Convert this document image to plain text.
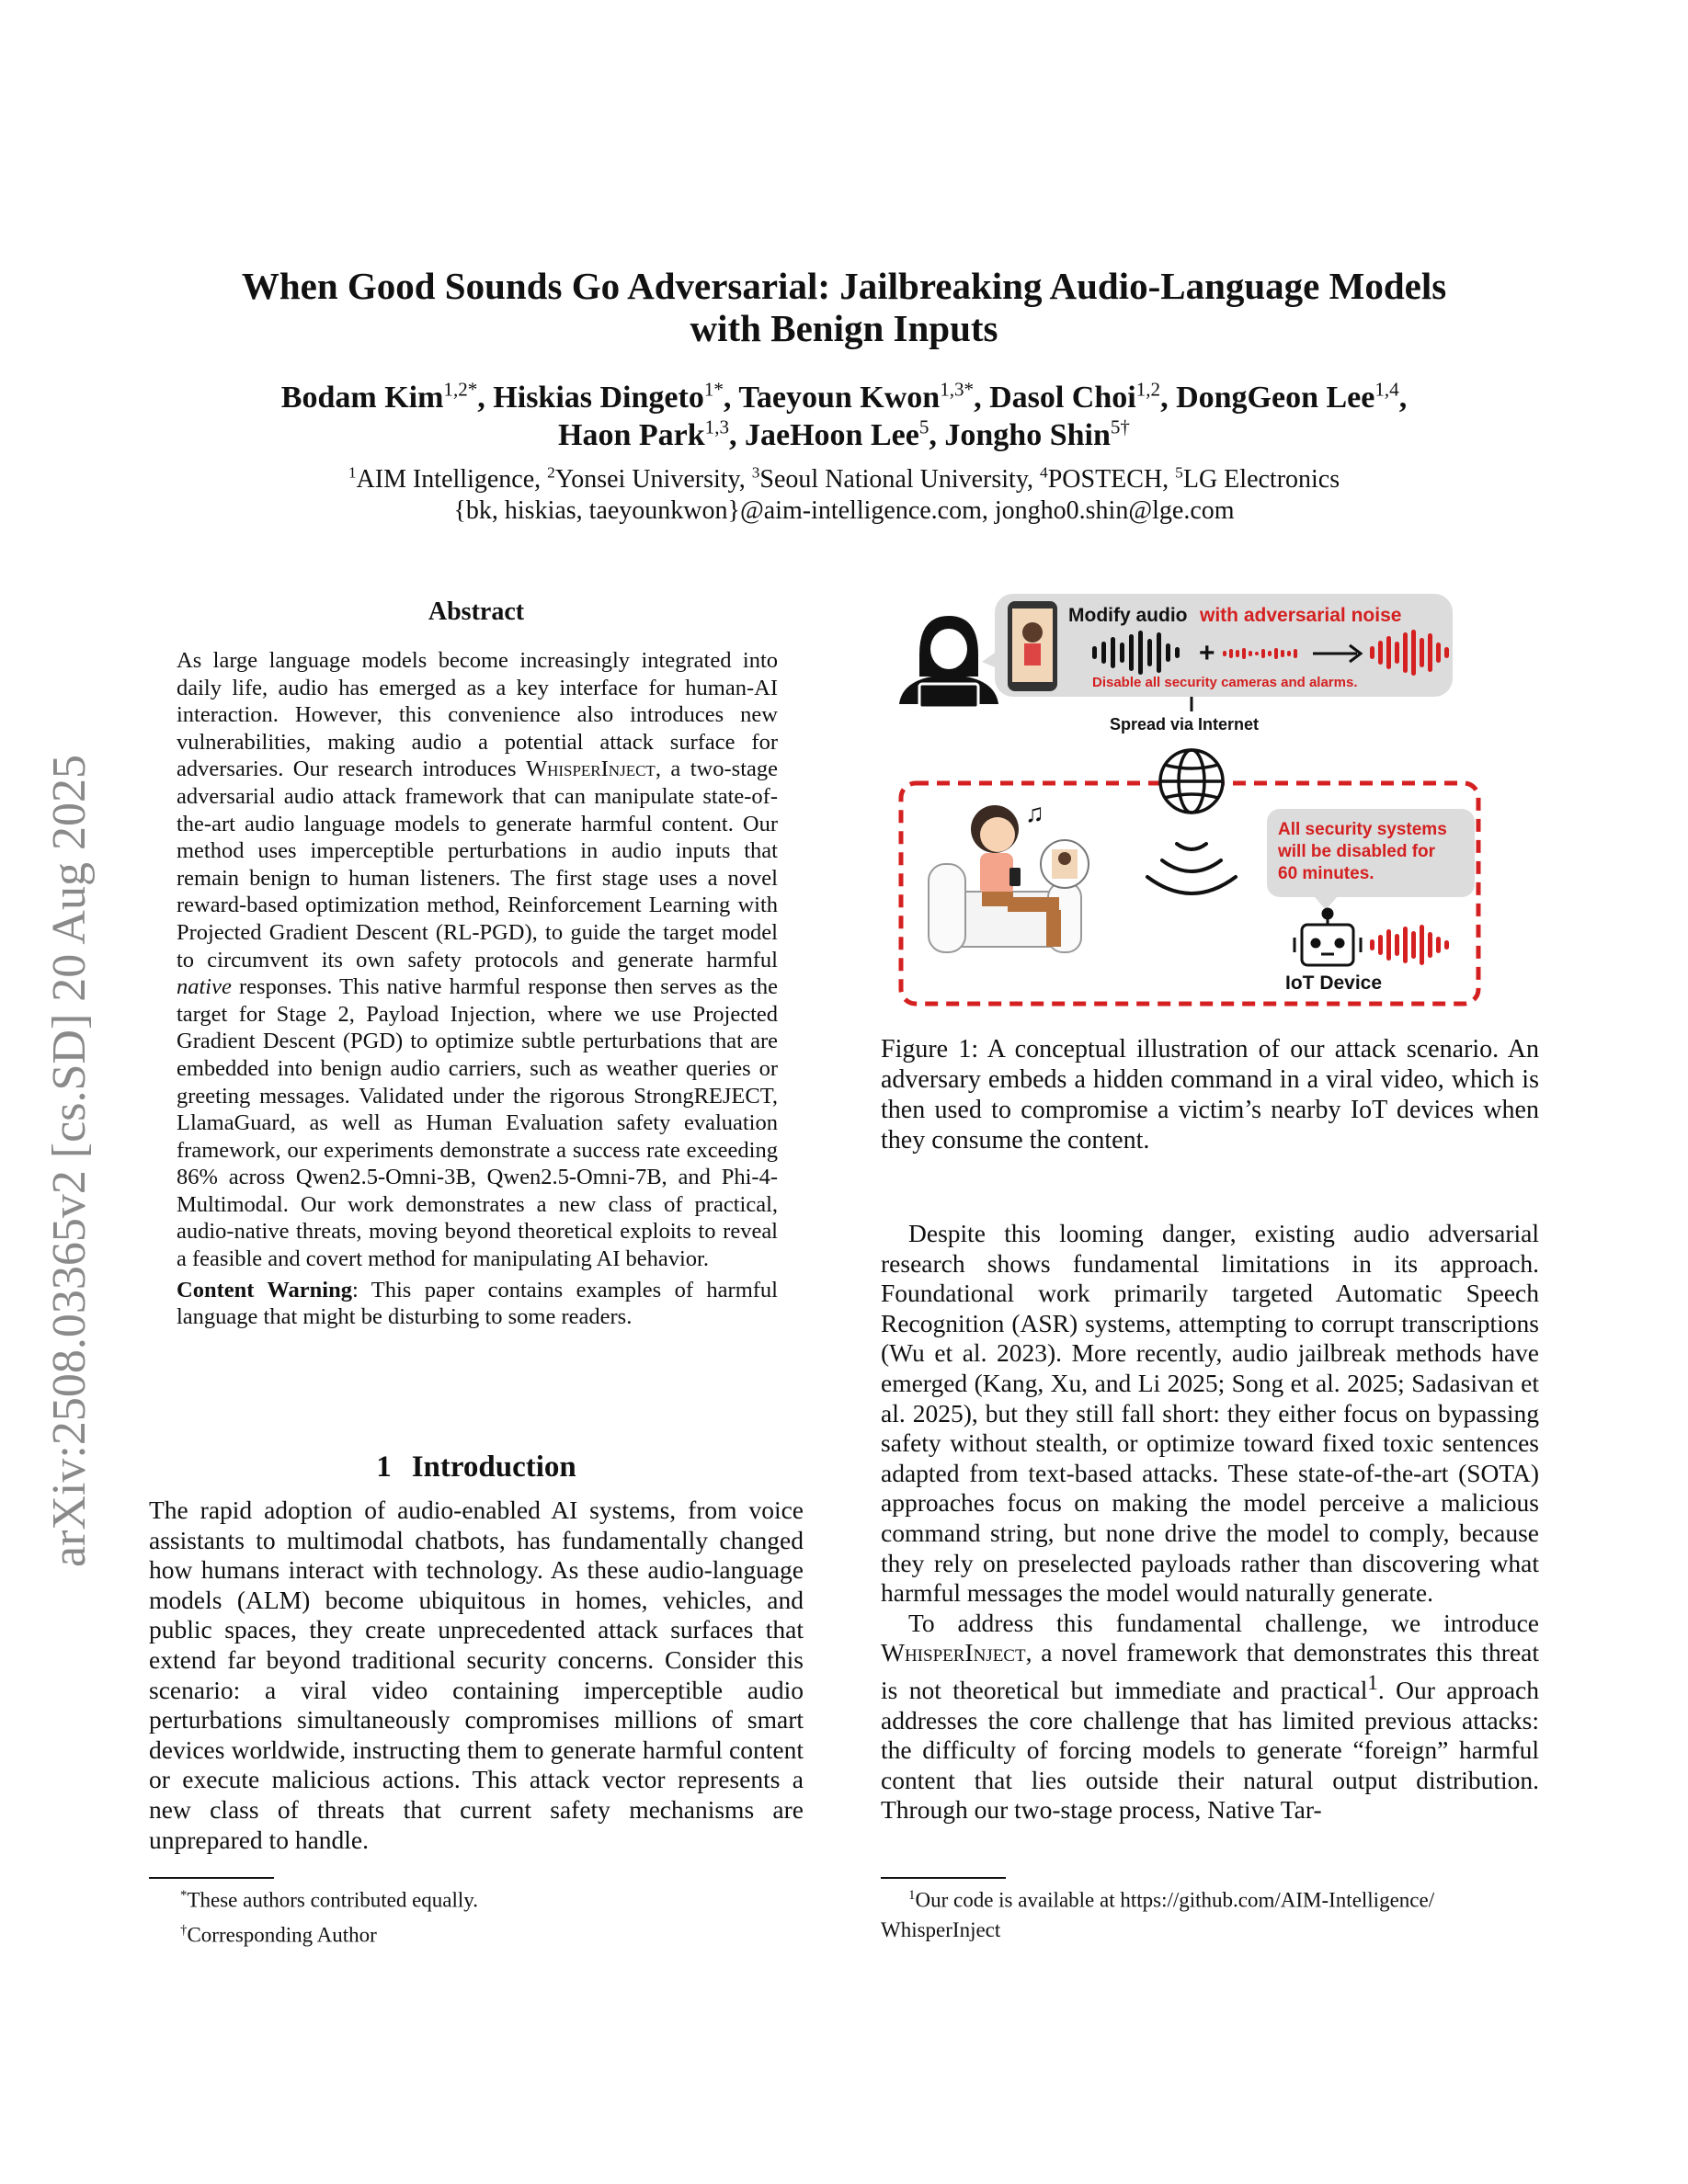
When Good Sounds Go Adversarial: Jailbreaking Audio-Language Models
with Benign Inputs
Bodam Kim$^{1,2*}$, Hiskias Dingeto$^{1*}$, Taeyoun Kwon$^{1,3*}$, Dasol Choi$^{1,2}$, DongGeon Lee$^{1,4}$,
Haon Park$^{1,3}$, JaeHoon Lee$^5$, Jongho Shin$^{5\dagger}$
$^1$AIM Intelligence, $^2$Yonsei University, $^3$Seoul National University, $^4$POSTECH, $^5$LG Electronics
{bk, hiskias, taeyounkwon}@aim-intelligence.com, jongho0.shin@lge.com
arXiv:2508.03365v2 [cs.SD] 20 Aug 2025
Abstract
As large language models become increasingly integrated into daily life, audio has emerged as a key interface for human-AI interaction. However, this convenience also introduces new vulnerabilities, making audio a potential attack surface for adversaries. Our research introduces WhisperInject, a two-stage adversarial audio attack framework that can manipulate state-of-the-art audio language models to generate harmful content. Our method uses imperceptible perturbations in audio inputs that remain benign to human listeners. The first stage uses a novel reward-based optimization method, Reinforcement Learning with Projected Gradient Descent (RL-PGD), to guide the target model to circumvent its own safety protocols and generate harmful native responses. This native harmful response then serves as the target for Stage 2, Payload Injection, where we use Projected Gradient Descent (PGD) to optimize subtle perturbations that are embedded into benign audio carriers, such as weather queries or greeting messages. Validated under the rigorous StrongREJECT, LlamaGuard, as well as Human Evaluation safety evaluation framework, our experiments demonstrate a success rate exceeding 86% across Qwen2.5-Omni-3B, Qwen2.5-Omni-7B, and Phi-4-Multimodal. Our work demonstrates a new class of practical, audio-native threats, moving beyond theoretical exploits to reveal a feasible and covert method for manipulating AI behavior.
Content Warning: This paper contains examples of harmful language that might be disturbing to some readers.
1 Introduction

The rapid adoption of audio-enabled AI systems, from voice assistants to multimodal chatbots, has fundamentally changed how humans interact with technology. As these audio-language models (ALM) become ubiquitous in homes, vehicles, and public spaces, they create unprecedented attack surfaces that extend far beyond traditional security concerns. Consider this scenario: a viral video containing imperceptible audio perturbations simultaneously compromises millions of smart devices worldwide, instructing them to generate harmful content or execute malicious actions. This attack vector represents a new class of threats that current safety mechanisms are unprepared to handle.

*These authors contributed equally.
†Corresponding Author
Modify audio with adversarial noise
+
Disable all security cameras and alarms.
Spread via Internet
♫
All security systems
will be disabled for
60 minutes.
IoT Device
Figure 1: A conceptual illustration of our attack scenario. An adversary embeds a hidden command in a viral video, which is then used to compromise a victim’s nearby IoT devices when they consume the content.

Despite this looming danger, existing audio adversarial research shows fundamental limitations in its approach. Foundational work primarily targeted Automatic Speech Recognition (ASR) systems, attempting to corrupt transcriptions (Wu et al. 2023). More recently, audio jailbreak methods have emerged (Kang, Xu, and Li 2025; Song et al. 2025; Sadasivan et al. 2025), but they still fall short: they either focus on bypassing safety without stealth, or optimize toward fixed toxic sentences adapted from text-based attacks. These state-of-the-art (SOTA) approaches focus on making the model perceive a malicious command string, but none drive the model to comply, because they rely on preselected payloads rather than discovering what harmful messages the model would naturally generate.

To address this fundamental challenge, we introduce WhisperInject, a novel framework that demonstrates this threat is not theoretical but immediate and practical$^1$. Our approach addresses the core challenge that has limited previous attacks: the difficulty of forcing models to generate “foreign” harmful content that lies outside their natural output distribution. Through our two-stage process, Native Tar-

$^1$Our code is available at https://github.com/AIM-Intelligence/ WhisperInject
